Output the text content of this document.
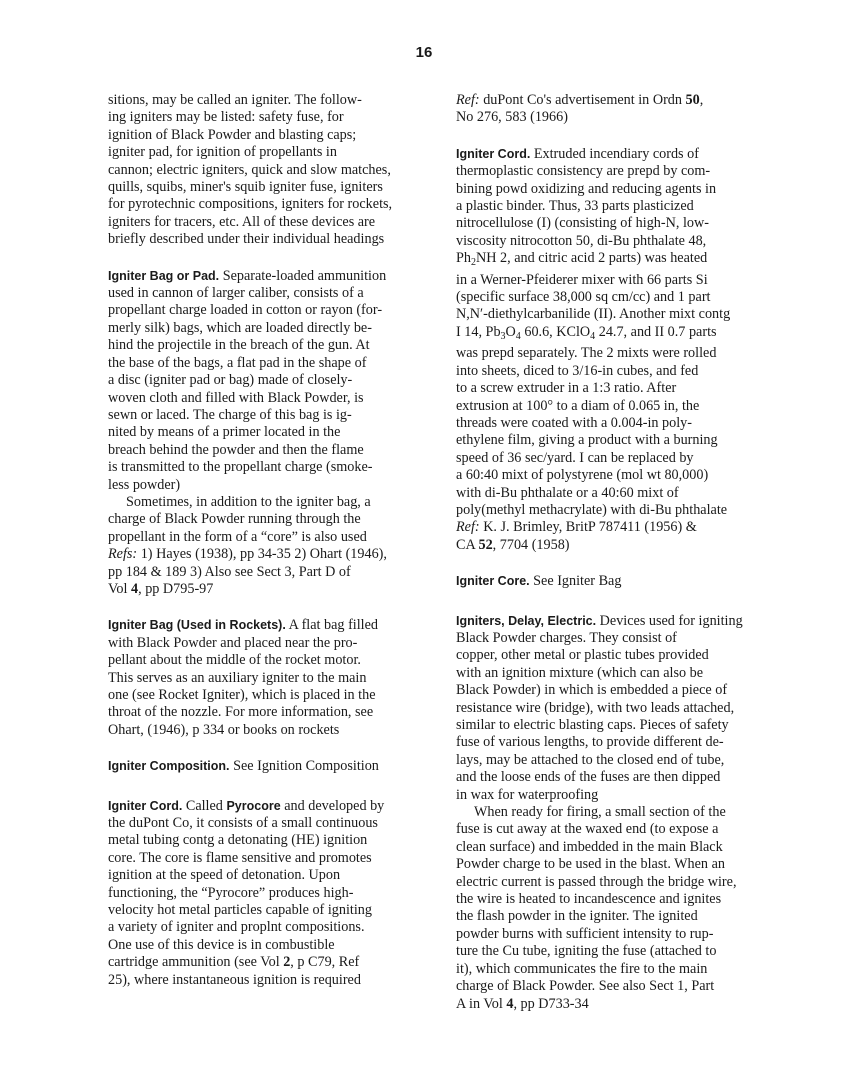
16
sitions, may be called an igniter. The follow-
ing igniters may be listed: safety fuse, for
ignition of Black Powder and blasting caps;
igniter pad, for ignition of propellants in
cannon; electric igniters, quick and slow matches,
quills, squibs, miner's squib igniter fuse, igniters
for pyrotechnic compositions, igniters for rockets,
igniters for tracers, etc. All of these devices are
briefly described under their individual headings
Igniter Bag or Pad. Separate-loaded ammunition
used in cannon of larger caliber, consists of a
propellant charge loaded in cotton or rayon (for-
merly silk) bags, which are loaded directly be-
hind the projectile in the breach of the gun. At
the base of the bags, a flat pad in the shape of
a disc (igniter pad or bag) made of closely-
woven cloth and filled with Black Powder, is
sewn or laced. The charge of this bag is ig-
nited by means of a primer located in the
breach behind the powder and then the flame
is transmitted to the propellant charge (smoke-
less powder)
Sometimes, in addition to the igniter bag, a
charge of Black Powder running through the
propellant in the form of a “core” is also used
Refs: 1) Hayes (1938), pp 34-35 2) Ohart (1946),
pp 184 & 189 3) Also see Sect 3, Part D of
Vol 4, pp D795-97
Igniter Bag (Used in Rockets). A flat bag filled
with Black Powder and placed near the pro-
pellant about the middle of the rocket motor.
This serves as an auxiliary igniter to the main
one (see Rocket Igniter), which is placed in the
throat of the nozzle. For more information, see
Ohart, (1946), p 334 or books on rockets
Igniter Composition. See Ignition Composition
Igniter Cord. Called Pyrocore and developed by
the duPont Co, it consists of a small continuous
metal tubing contg a detonating (HE) ignition
core. The core is flame sensitive and promotes
ignition at the speed of detonation. Upon
functioning, the “Pyrocore” produces high-
velocity hot metal particles capable of igniting
a variety of igniter and proplnt compositions.
One use of this device is in combustible
cartridge ammunition (see Vol 2, p C79, Ref
25), where instantaneous ignition is required
Ref: duPont Co's advertisement in Ordn 50,
No 276, 583 (1966)
Igniter Cord. Extruded incendiary cords of
thermoplastic consistency are prepd by com-
bining powd oxidizing and reducing agents in
a plastic binder. Thus, 33 parts plasticized
nitrocellulose (I) (consisting of high-N, low-
viscosity nitrocotton 50, di-Bu phthalate 48,
$Ph_2NH$ 2, and citric acid 2 parts) was heated
in a Werner-Pfeiderer mixer with 66 parts Si
(specific surface 38,000 sq cm/cc) and 1 part
N,N′-diethylcarbanilide (II). Another mixt contg
I 14, $Pb_3O_4$ 60.6, KClO$_4$ 24.7, and II 0.7 parts
was prepd separately. The 2 mixts were rolled
into sheets, diced to 3/16-in cubes, and fed
to a screw extruder in a 1:3 ratio. After
extrusion at 100° to a diam of 0.065 in, the
threads were coated with a 0.004-in poly-
ethylene film, giving a product with a burning
speed of 36 sec/yard. I can be replaced by
a 60:40 mixt of polystyrene (mol wt 80,000)
with di-Bu phthalate or a 40:60 mixt of
poly(methyl methacrylate) with di-Bu phthalate
Ref: K. J. Brimley, BritP 787411 (1956) &
CA 52, 7704 (1958)
Igniter Core. See Igniter Bag
Igniters, Delay, Electric. Devices used for igniting
Black Powder charges. They consist of
copper, other metal or plastic tubes provided
with an ignition mixture (which can also be
Black Powder) in which is embedded a piece of
resistance wire (bridge), with two leads attached,
similar to electric blasting caps. Pieces of safety
fuse of various lengths, to provide different de-
lays, may be attached to the closed end of tube,
and the loose ends of the fuses are then dipped
in wax for waterproofing
When ready for firing, a small section of the
fuse is cut away at the waxed end (to expose a
clean surface) and imbedded in the main Black
Powder charge to be used in the blast. When an
electric current is passed through the bridge wire,
the wire is heated to incandescence and ignites
the flash powder in the igniter. The ignited
powder burns with sufficient intensity to rup-
ture the Cu tube, igniting the fuse (attached to
it), which communicates the fire to the main
charge of Black Powder. See also Sect 1, Part
A in Vol 4, pp D733-34
